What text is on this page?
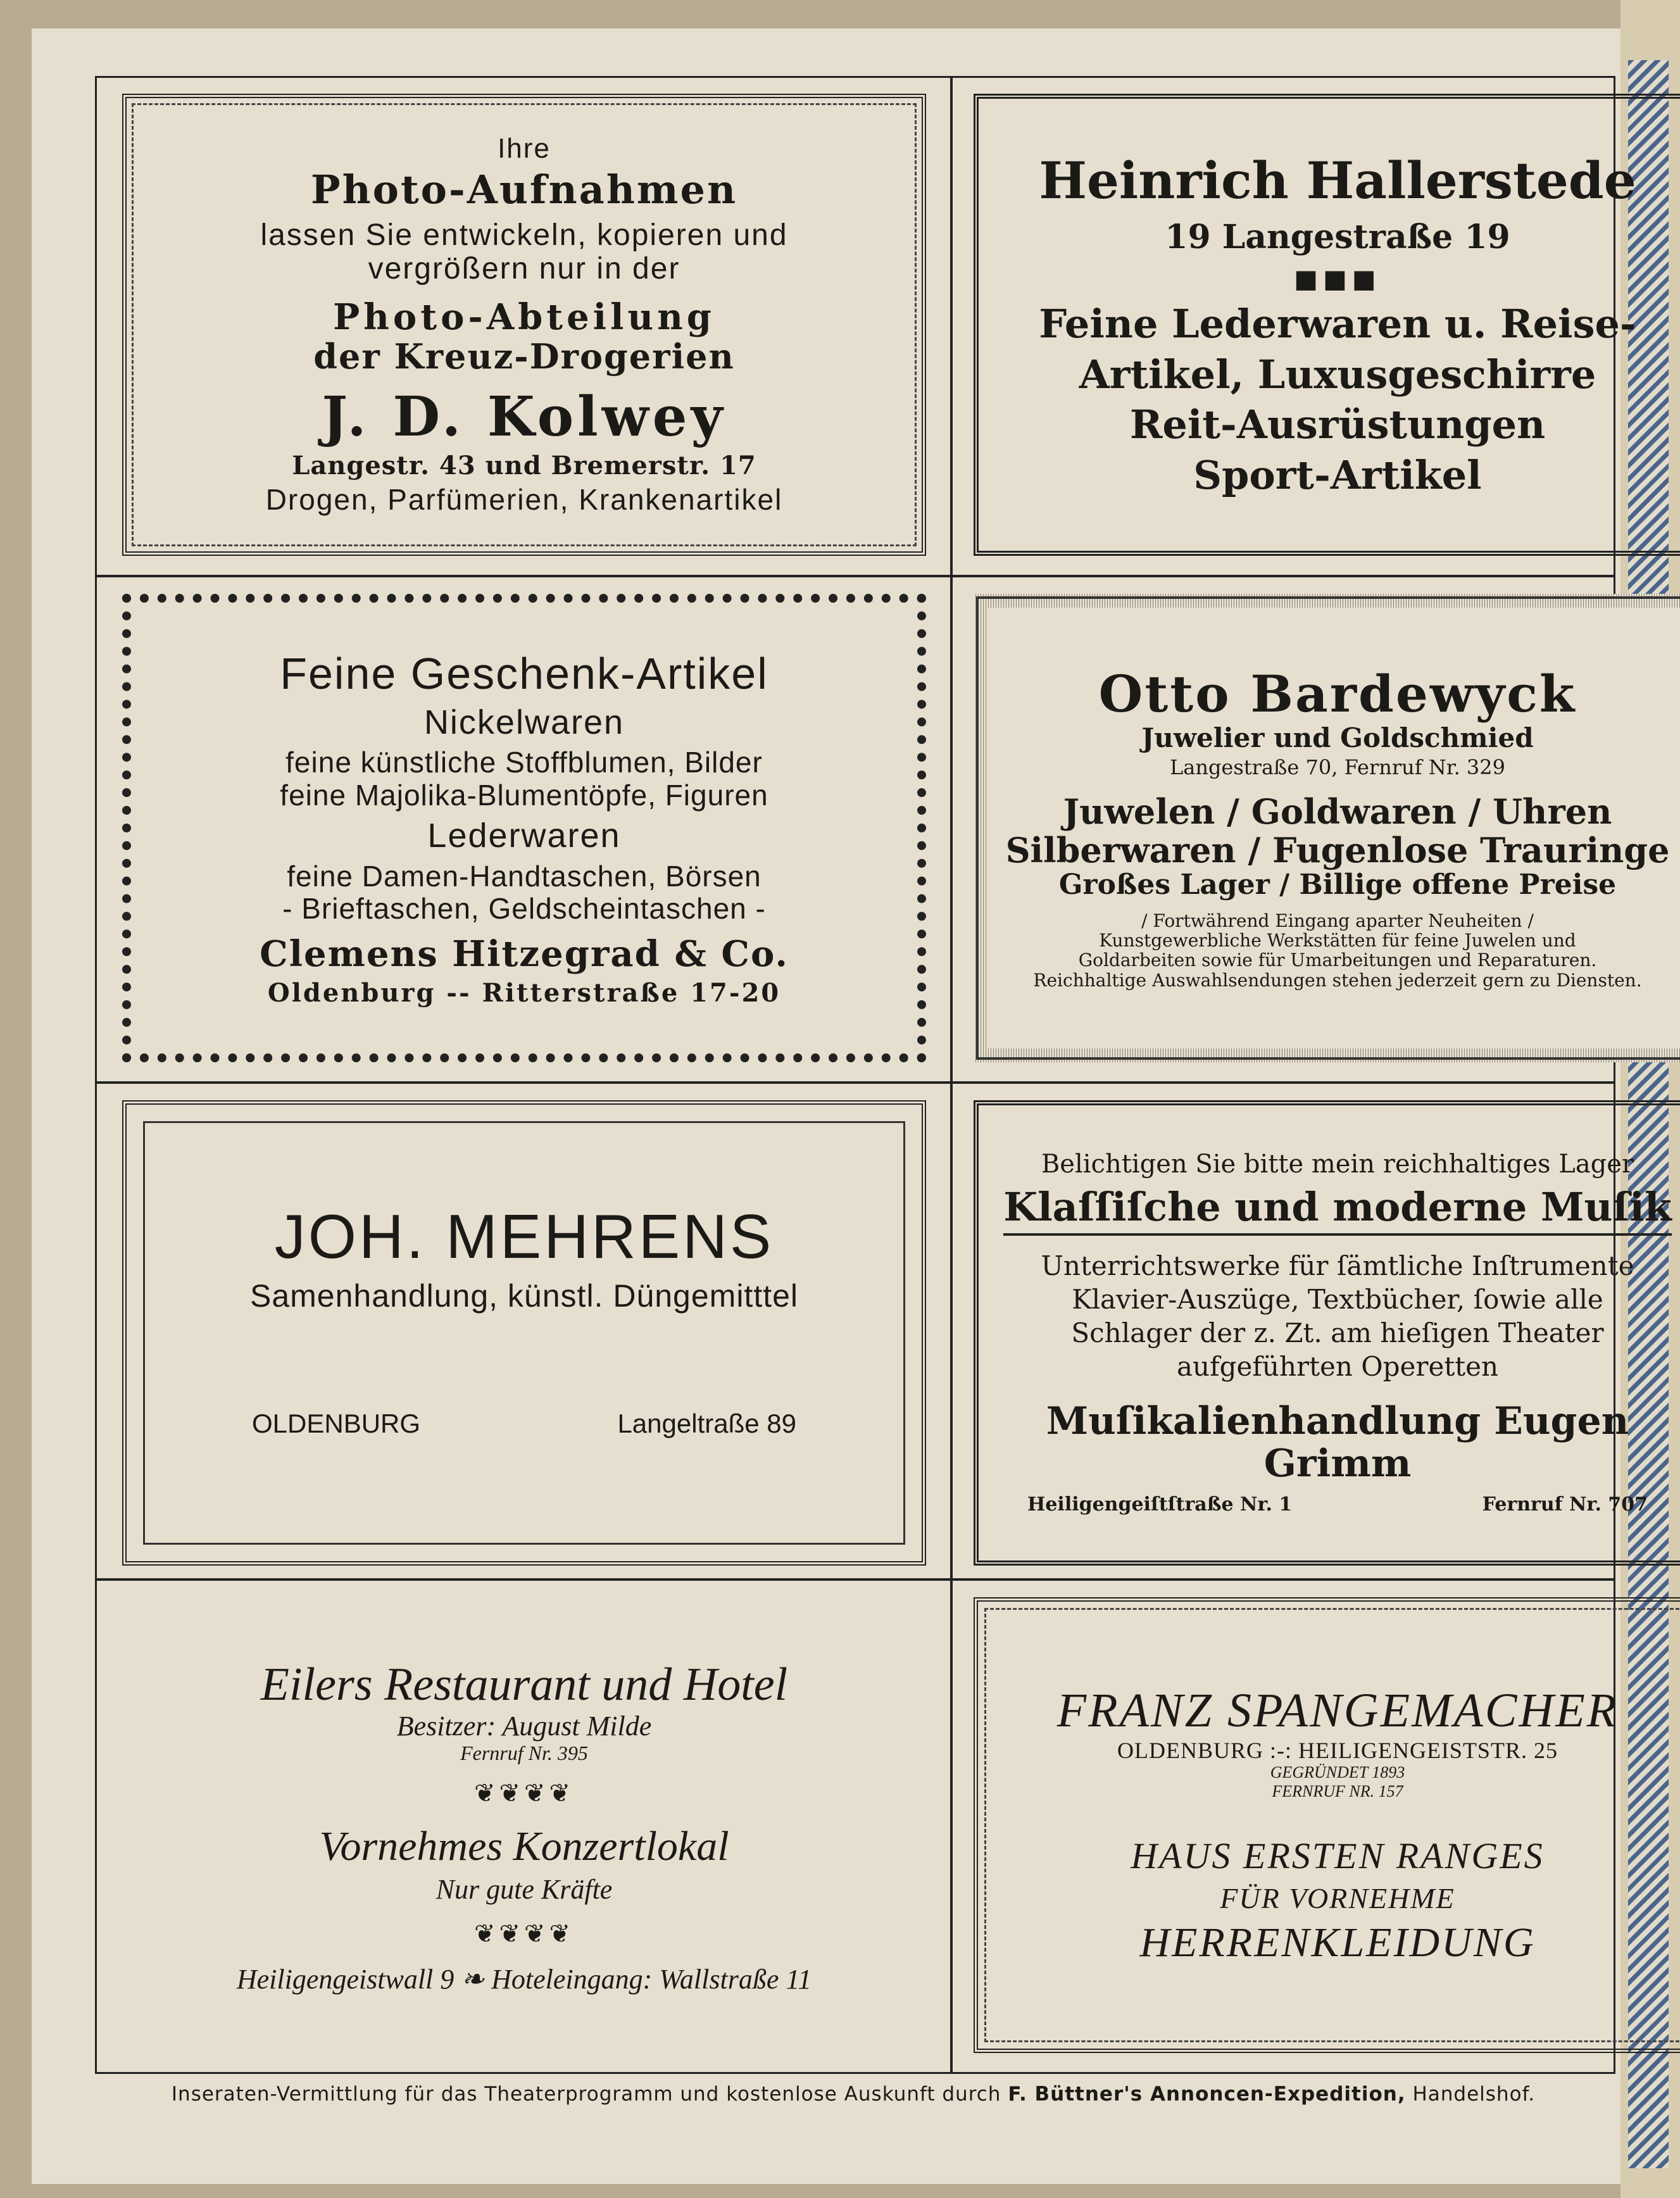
Ihre
Photo-Aufnahmen
lassen Sie entwickeln, kopieren und
vergrößern nur in der
Photo-Abteilung
der Kreuz-Drogerien
J. D. Kolwey
Langestr. 43 und Bremerstr. 17
Drogen, Parfümerien, Krankenartikel
Heinrich Hallerstede
19 Langestraße 19
■■■
Feine Lederwaren u. Reise-
Artikel, Luxusgeschirre
Reit-Ausrüstungen
Sport-Artikel
Feine Geschenk-Artikel
Nickelwaren
feine künstliche Stoffblumen, Bilder
feine Majolika-Blumentöpfe, Figuren
Lederwaren
feine Damen-Handtaschen, Börsen
- Brieftaschen, Geldscheintaschen -
Clemens Hitzegrad & Co.
Oldenburg -- Ritterstraße 17-20
Otto Bardewyck
Juwelier und Goldschmied
Langestraße 70, Fernruf Nr. 329
Juwelen / Goldwaren / Uhren
Silberwaren / Fugenlose Trauringe
Großes Lager / Billige offene Preise
/ Fortwährend Eingang aparter Neuheiten /
Kunstgewerbliche Werkstätten für feine Juwelen und
Goldarbeiten sowie für Umarbeitungen und Reparaturen.
Reichhaltige Auswahlsendungen stehen jederzeit gern zu Diensten.
JOH. MEHRENS
Samenhandlung, künstl. Düngemitttel
OLDENBURG	Langeltraße 89
Belichtigen Sie bitte mein reichhaltiges Lager
Klaſſiſche und moderne Muſik
Unterrichtswerke für ſämtliche Inſtrumente
Klavier-Auszüge, Textbücher, ſowie alle
Schlager der z. Zt. am hieſigen Theater
aufgeführten Operetten
Muſikalienhandlung Eugen Grimm
Heiligengeiſtſtraße Nr. 1	Fernruf Nr. 707
Eilers Restaurant und Hotel
Besitzer: August Milde
Fernruf Nr. 395
❦❦❦❦
Vornehmes Konzertlokal
Nur gute Kräfte
❦❦❦❦
Heiligengeistwall 9 ❧ Hoteleingang: Wallstraße 11
FRANZ SPANGEMACHER
OLDENBURG :-: HEILIGENGEISTSTR. 25
GEGRÜNDET 1893
FERNRUF NR. 157
HAUS ERSTEN RANGES
FÜR VORNEHME
HERRENKLEIDUNG
Inseraten-Vermittlung für das Theaterprogramm und kostenlose Auskunft durch F. Büttner's Annoncen-Expedition, Handelshof.
